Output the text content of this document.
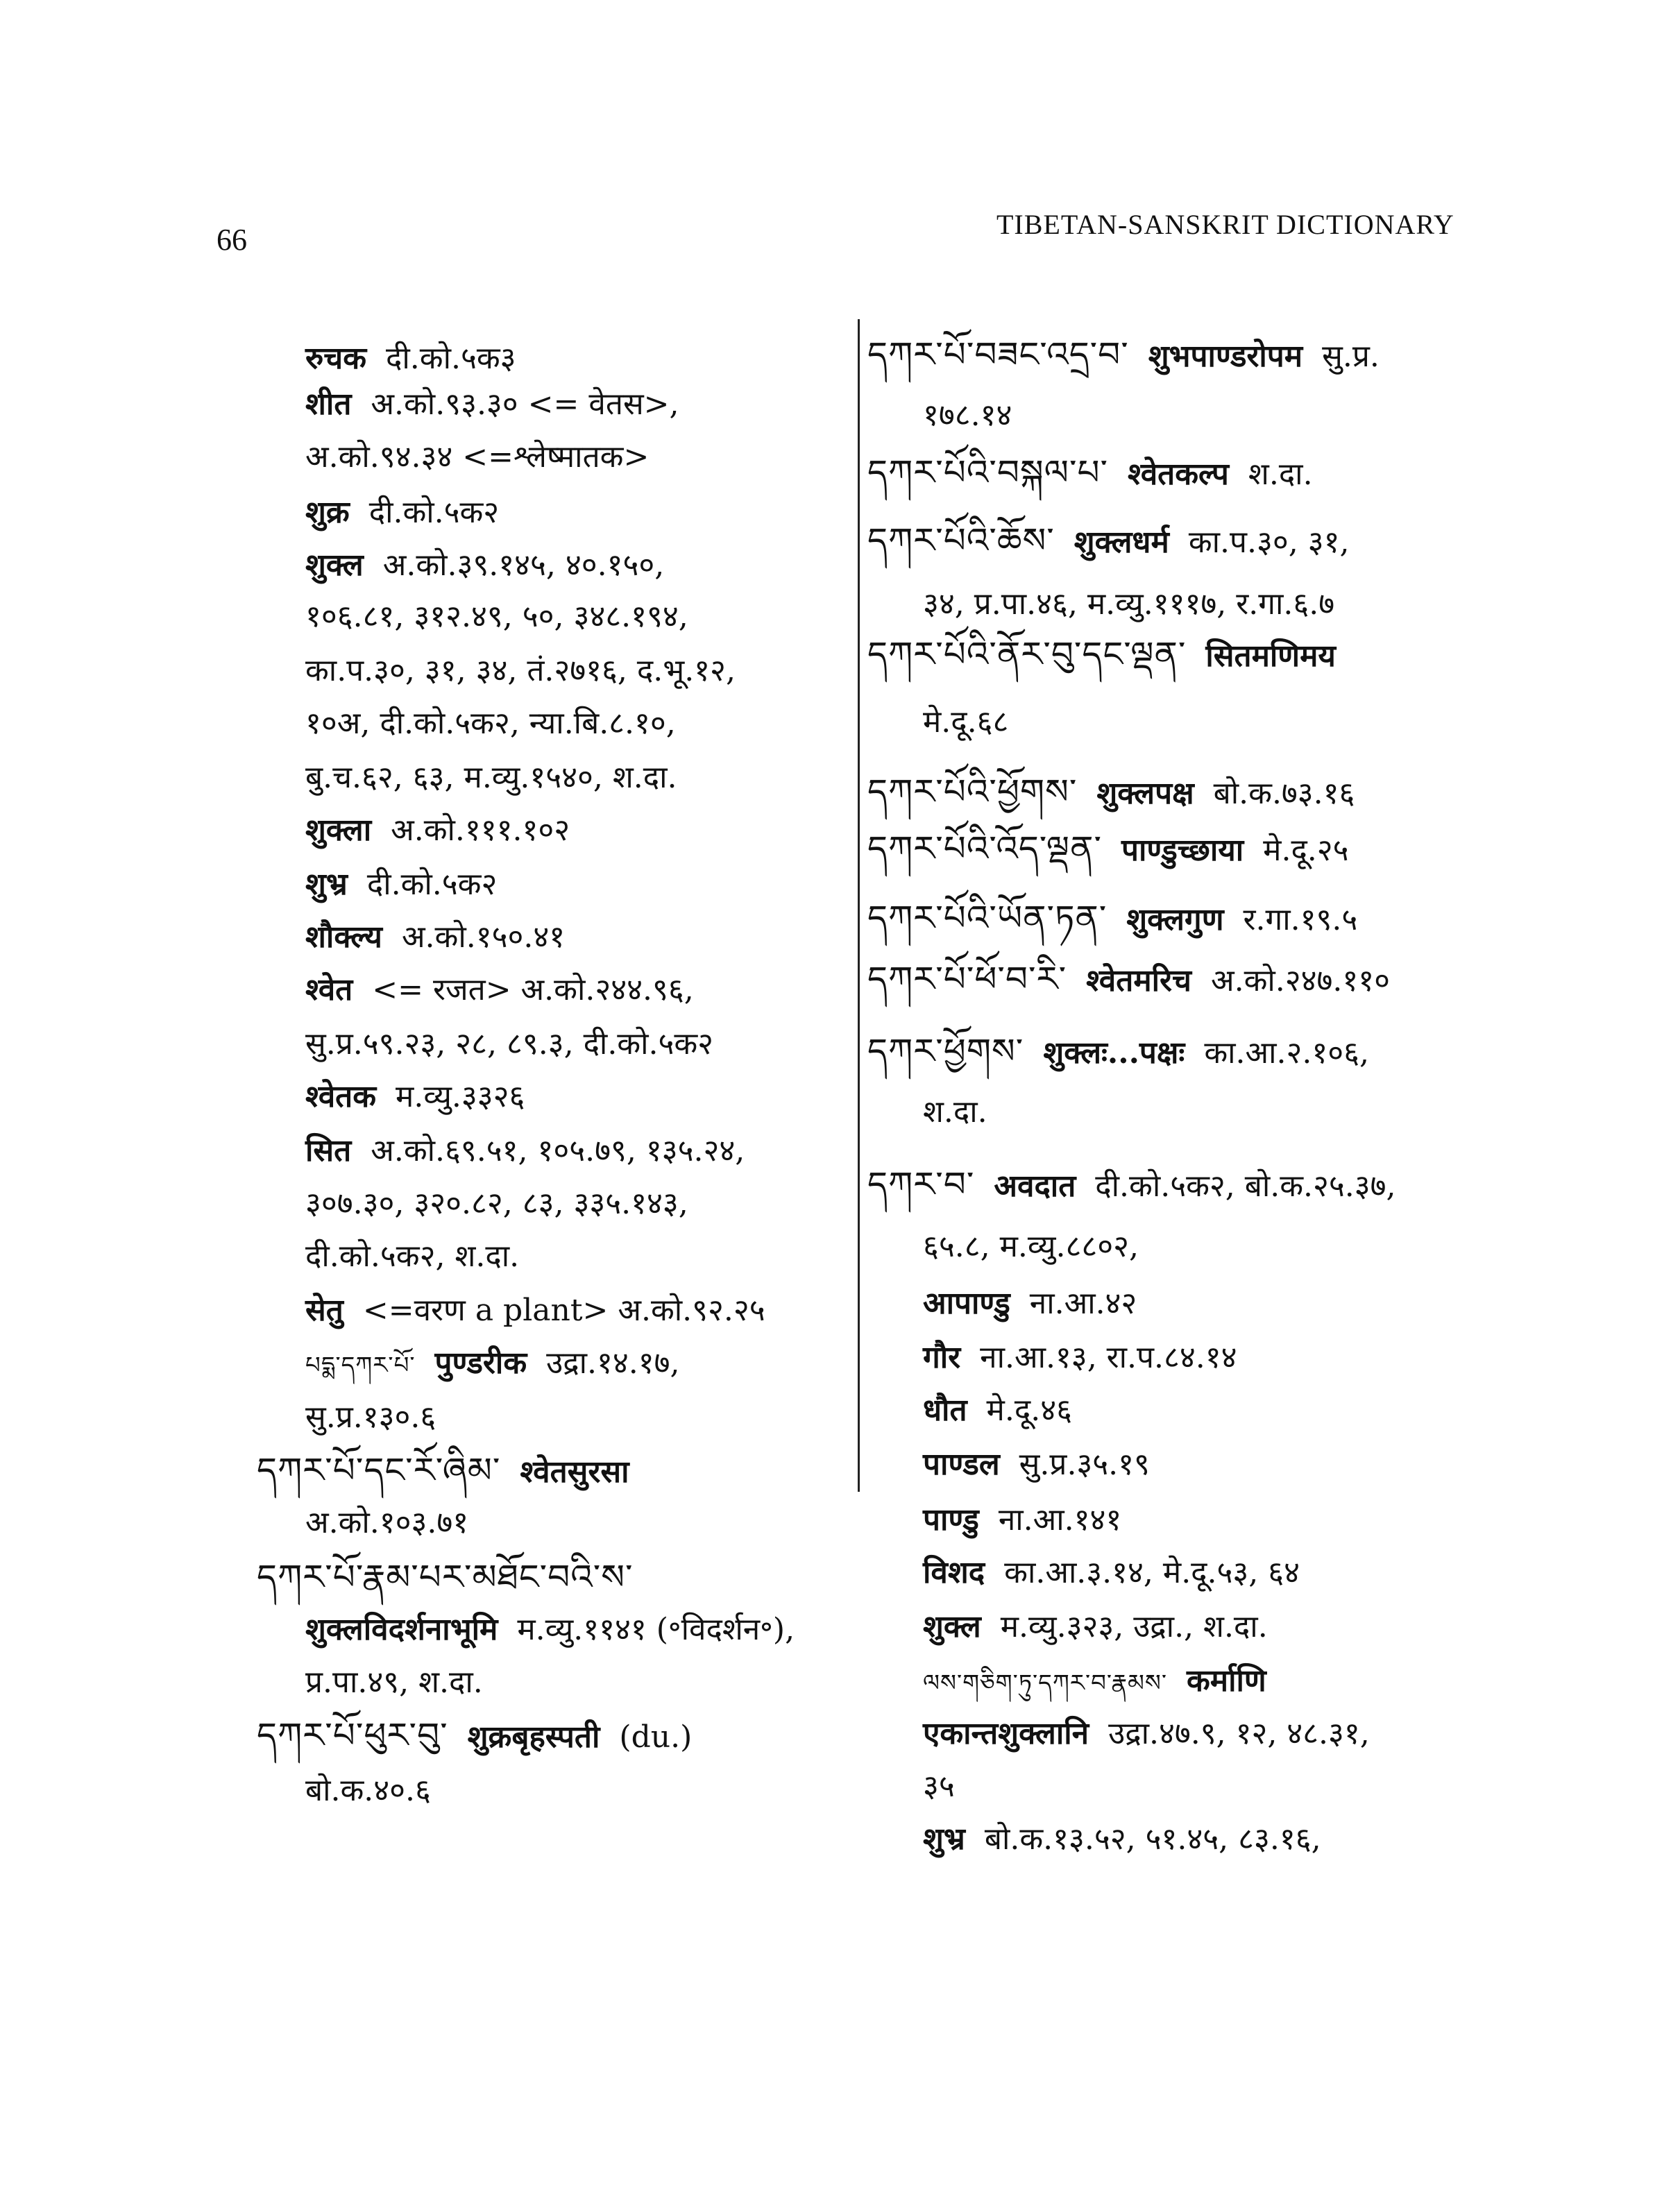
66	TIBETAN-SANSKRIT DICTIONARY
रुचक दी.को.५क३
शीत अ.को.९३.३० <= वेतस>,
अ.को.९४.३४ <=श्लेष्मातक>
शुक्र दी.को.५क२
शुक्ल अ.को.३९.१४५, ४०.१५०,
१०६.८१, ३१२.४९, ५०, ३४८.१९४,
का.प.३०, ३१, ३४, तं.२७१६, द.भू.१२,
१०अ, दी.को.५क२, न्या.बि.८.१०,
बु.च.६२, ६३, म.व्यु.१५४०, श.दा.
शुक्ला अ.को.१११.१०२
शुभ्र दी.को.५क२
शौक्ल्य अ.को.१५०.४१
श्वेत <= रजत> अ.को.२४४.९६,
सु.प्र.५९.२३, २८, ८९.३, दी.को.५क२
श्वेतक म.व्यु.३३२६
सित अ.को.६९.५१, १०५.७९, १३५.२४,
३०७.३०, ३२०.८२, ८३, ३३५.१४३,
दी.को.५क२, श.दा.
सेतु <=वरण a plant> अ.को.९२.२५
པདྨ་དཀར་པོ་ पुण्डरीक उद्रा.१४.१७,
सु.प्र.१३०.६
དཀར་པོ་དང་རོ་ཞིམ་ श्वेतसुरसा
अ.को.१०३.७१
དཀར་པོ་རྣམ་པར་མཐོང་བའི་ས་
शुक्लविदर्शनाभूमि म.व्यु.११४१ (॰विदर्शन॰),
प्र.पा.४९, श.दा.
དཀར་པོ་ཕུར་བུ་ शुक्रबृहस्पती (du.)
बो.क.४०.६
དཀར་པོ་བཟང་འདྲ་བ་ शुभपाण्डरोपम सु.प्र.
१७८.१४
དཀར་པོའི་བསྐལ་པ་ श्वेतकल्प श.दा.
དཀར་པོའི་ཆོས་ शुक्लधर्म का.प.३०, ३१,
३४, प्र.पा.४६, म.व्यु.१११७, र.गा.६.७
དཀར་པོའི་ནོར་བུ་དང་ལྡན་ सितमणिमय
मे.दू.६८
དཀར་པོའི་ཕྱོགས་ शुक्लपक्ष बो.क.७३.१६
དཀར་པོའི་འོད་ལྡན་ पाण्डुच्छाया मे.दू.२५
དཀར་པོའི་ཡོན་ཏན་ शुक्लगुण र.गा.१९.५
དཀར་པོ་ཕོ་བ་རི་ श्वेतमरिच अ.को.२४७.११०
དཀར་ཕྱོགས་ शुक्लः...पक्षः का.आ.२.१०६,
श.दा.
དཀར་བ་ अवदात दी.को.५क२, बो.क.२५.३७,
६५.८, म.व्यु.८८०२,
आपाण्डु ना.आ.४२
गौर ना.आ.१३, रा.प.८४.१४
धौत मे.दू.४६
पाण्डल सु.प्र.३५.१९
पाण्डु ना.आ.१४१
विशद का.आ.३.१४, मे.दू.५३, ६४
शुक्ल म.व्यु.३२३, उद्रा., श.दा.
ལས་གཅིག་ཏུ་དཀར་བ་རྣམས་ कर्माणि
एकान्तशुक्लानि उद्रा.४७.९, १२, ४८.३१,
३५
शुभ्र बो.क.१३.५२, ५१.४५, ८३.१६,
